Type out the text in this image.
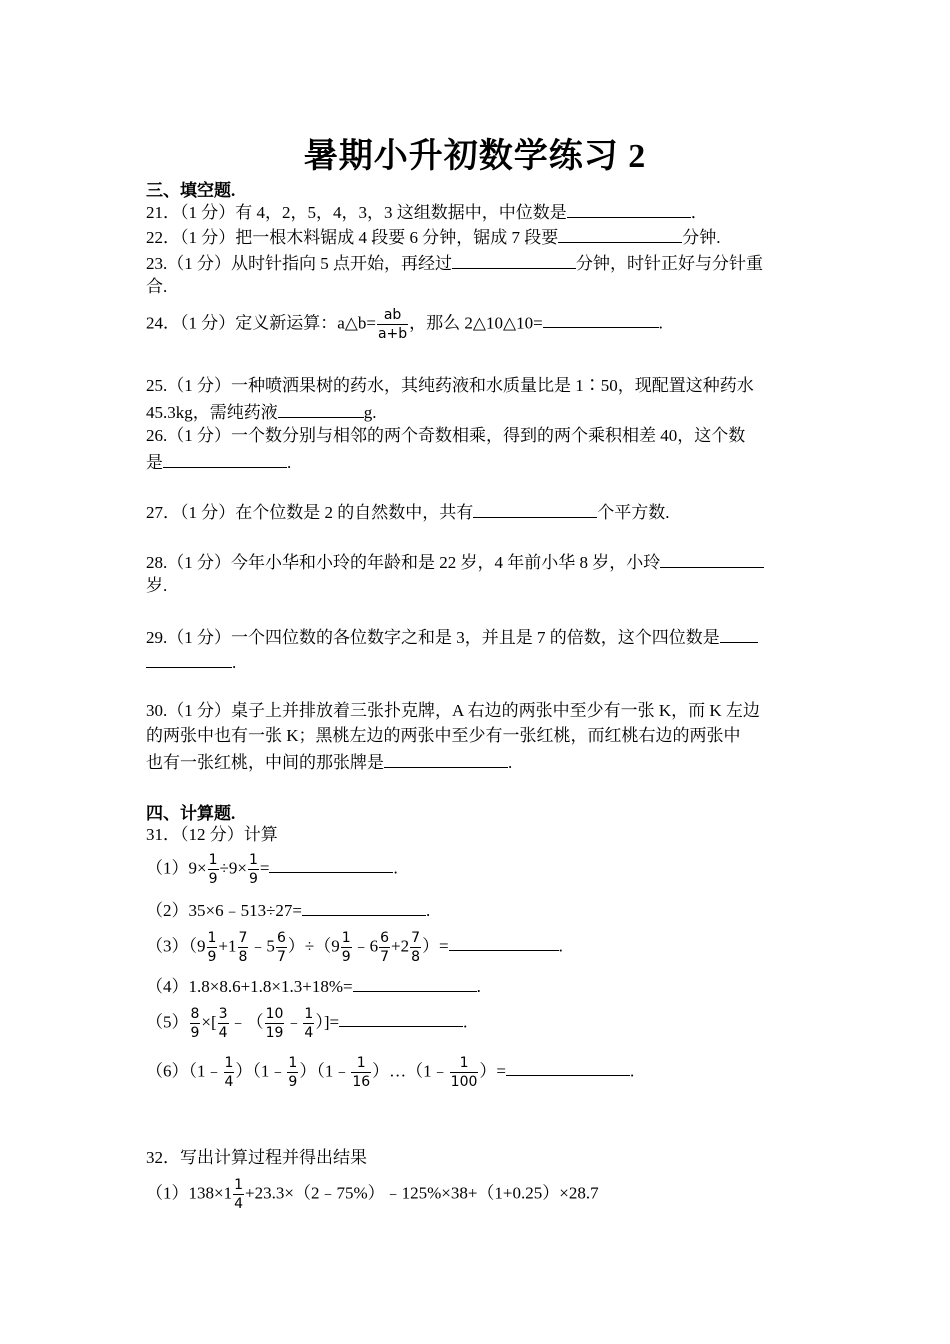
暑期小升初数学练习 2
三、填空题.
21．（1 分）有 4，2，5，4，3，3 这组数据中，中位数是	．
22．（1 分）把一根木料锯成 4 段要 6 分钟，锯成 7 段要	分钟.
23.（1 分）从时针指向 5 点开始，再经过	分钟，时针正好与分针重
合.
24．（1 分）定义新运算：a△b= $\frac{ab}{a+b}$ ，那么 2△10△10=	.
25.（1 分）一种喷洒果树的药水，其纯药液和水质量比是 1∶50，现配置这种药水
45.3kg，需纯药液	g.
26.（1 分）一个数分别与相邻的两个奇数相乘，得到的两个乘积相差 40，这个数
是	.
27．（1 分）在个位数是 2 的自然数中，共有	个平方数.
28.（1 分）今年小华和小玲的年龄和是 22 岁，4 年前小华 8 岁，小玲
岁.
29.（1 分）一个四位数的各位数字之和是 3，并且是 7 的倍数，这个四位数是
.
30.（1 分）桌子上并排放着三张扑克牌，A 右边的两张中至少有一张 K，而 K 左边
的两张中也有一张 K；黑桃左边的两张中至少有一张红桃，而红桃右边的两张中
也有一张红桃，中间的那张牌是	.
四、计算题.
31．（12 分）计算
$(1)9\times \frac{1}{9} \div 9\times \frac{1}{9}$ =	.
（2）35×6﹣513÷27=	.
$(3)(9 \frac{1}{9} +1 \frac{7}{8}$ ﹣5 $\frac{6}{7} )\div(9 \frac{1}{9}$ ﹣6 $\frac{6}{7} +2 \frac{7}{8}$ ）=	.
（4）1.8×8.6+1.8×1.3+18%=	.
$(5) \frac{8}{9}$ ×[ $\frac{3}{4}$ ﹣（ $\frac{10}{19}$ ﹣ $\frac{1}{4}$ ）]=	.
（6）（1﹣ $\frac{1}{4}$ ）（1﹣ $\frac{1}{9}$ ）（1﹣ $\frac{1}{16}$ ）…（1﹣ $\frac{1}{100}$ ）=	.
32．写出计算过程并得出结果
$(1)138\times 1 \frac{1}{4}$ +23.3×（2﹣75%）﹣125%×38+（1+0.25）×28.7
